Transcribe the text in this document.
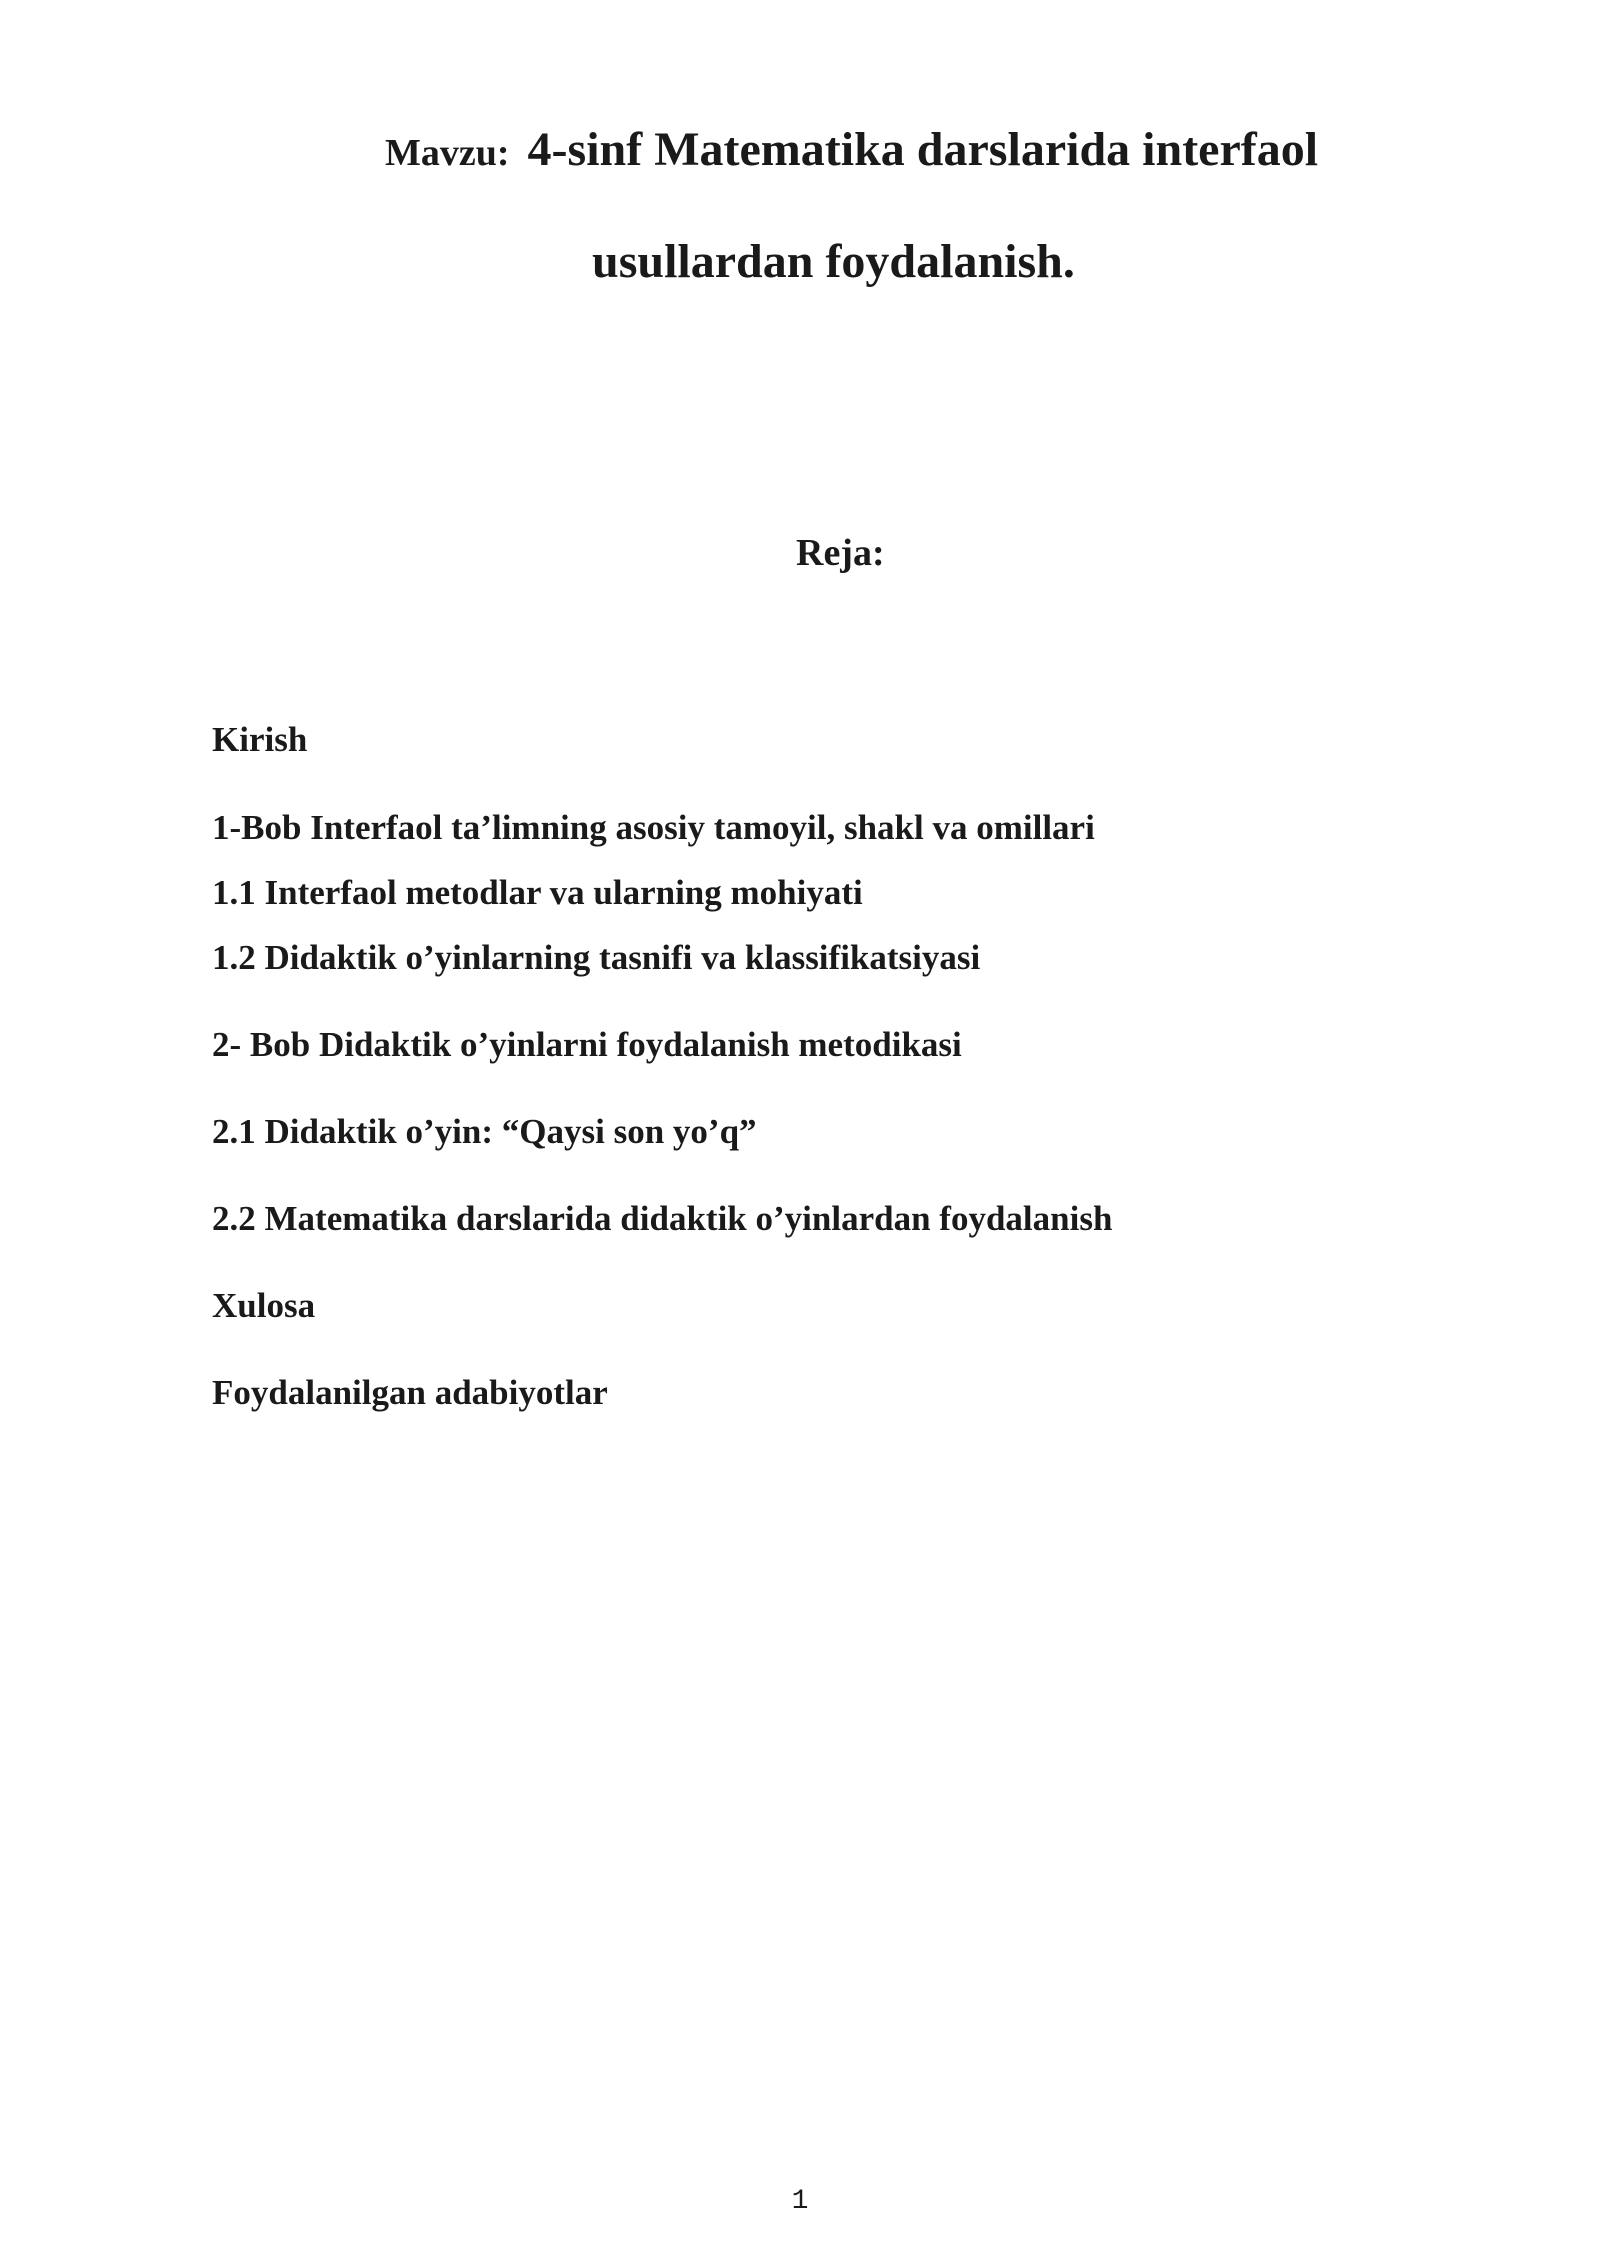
Mavzu: 4-sinf Matematika darslarida interfaol
usullardan foydalanish.
Reja:
Kirish
1-Bob Interfaol ta’limning asosiy tamoyil, shakl va omillari
1.1 Interfaol metodlar va ularning mohiyati
1.2 Didaktik o’yinlarning tasnifi va klassifikatsiyasi
2- Bob Didaktik o’yinlarni foydalanish metodikasi
2.1 Didaktik o’yin: “Qaysi son yo’q”
2.2 Matematika darslarida didaktik o’yinlardan foydalanish
Xulosa
Foydalanilgan adabiyotlar
1
